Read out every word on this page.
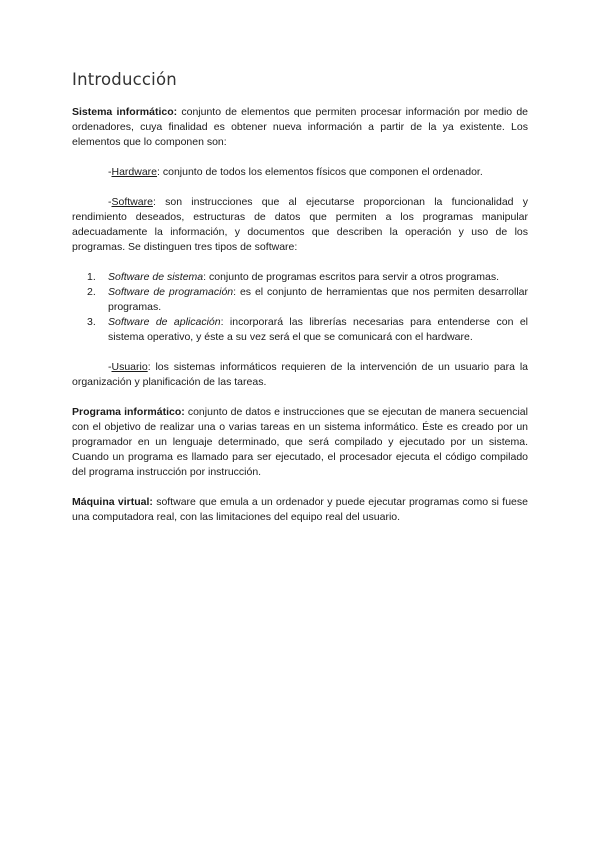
Introducción

Sistema informático: conjunto de elementos que permiten procesar información por medio de ordenadores, cuya finalidad es obtener nueva información a partir de la ya existente. Los elementos que lo componen son:

-Hardware: conjunto de todos los elementos físicos que componen el ordenador.

-Software: son instrucciones que al ejecutarse proporcionan la funcionalidad y rendimiento deseados, estructuras de datos que permiten a los programas manipular adecuadamente la información, y documentos que describen la operación y uso de los programas. Se distinguen tres tipos de software:

1. Software de sistema: conjunto de programas escritos para servir a otros programas.
2. Software de programación: es el conjunto de herramientas que nos permiten desarrollar programas.
3. Software de aplicación: incorporará las librerías necesarias para entenderse con el sistema operativo, y éste a su vez será el que se comunicará con el hardware.

-Usuario: los sistemas informáticos requieren de la intervención de un usuario para la organización y planificación de las tareas.

Programa informático: conjunto de datos e instrucciones que se ejecutan de manera secuencial con el objetivo de realizar una o varias tareas en un sistema informático. Éste es creado por un programador en un lenguaje determinado, que será compilado y ejecutado por un sistema. Cuando un programa es llamado para ser ejecutado, el procesador ejecuta el código compilado del programa instrucción por instrucción.

Máquina virtual: software que emula a un ordenador y puede ejecutar programas como si fuese una computadora real, con las limitaciones del equipo real del usuario.
